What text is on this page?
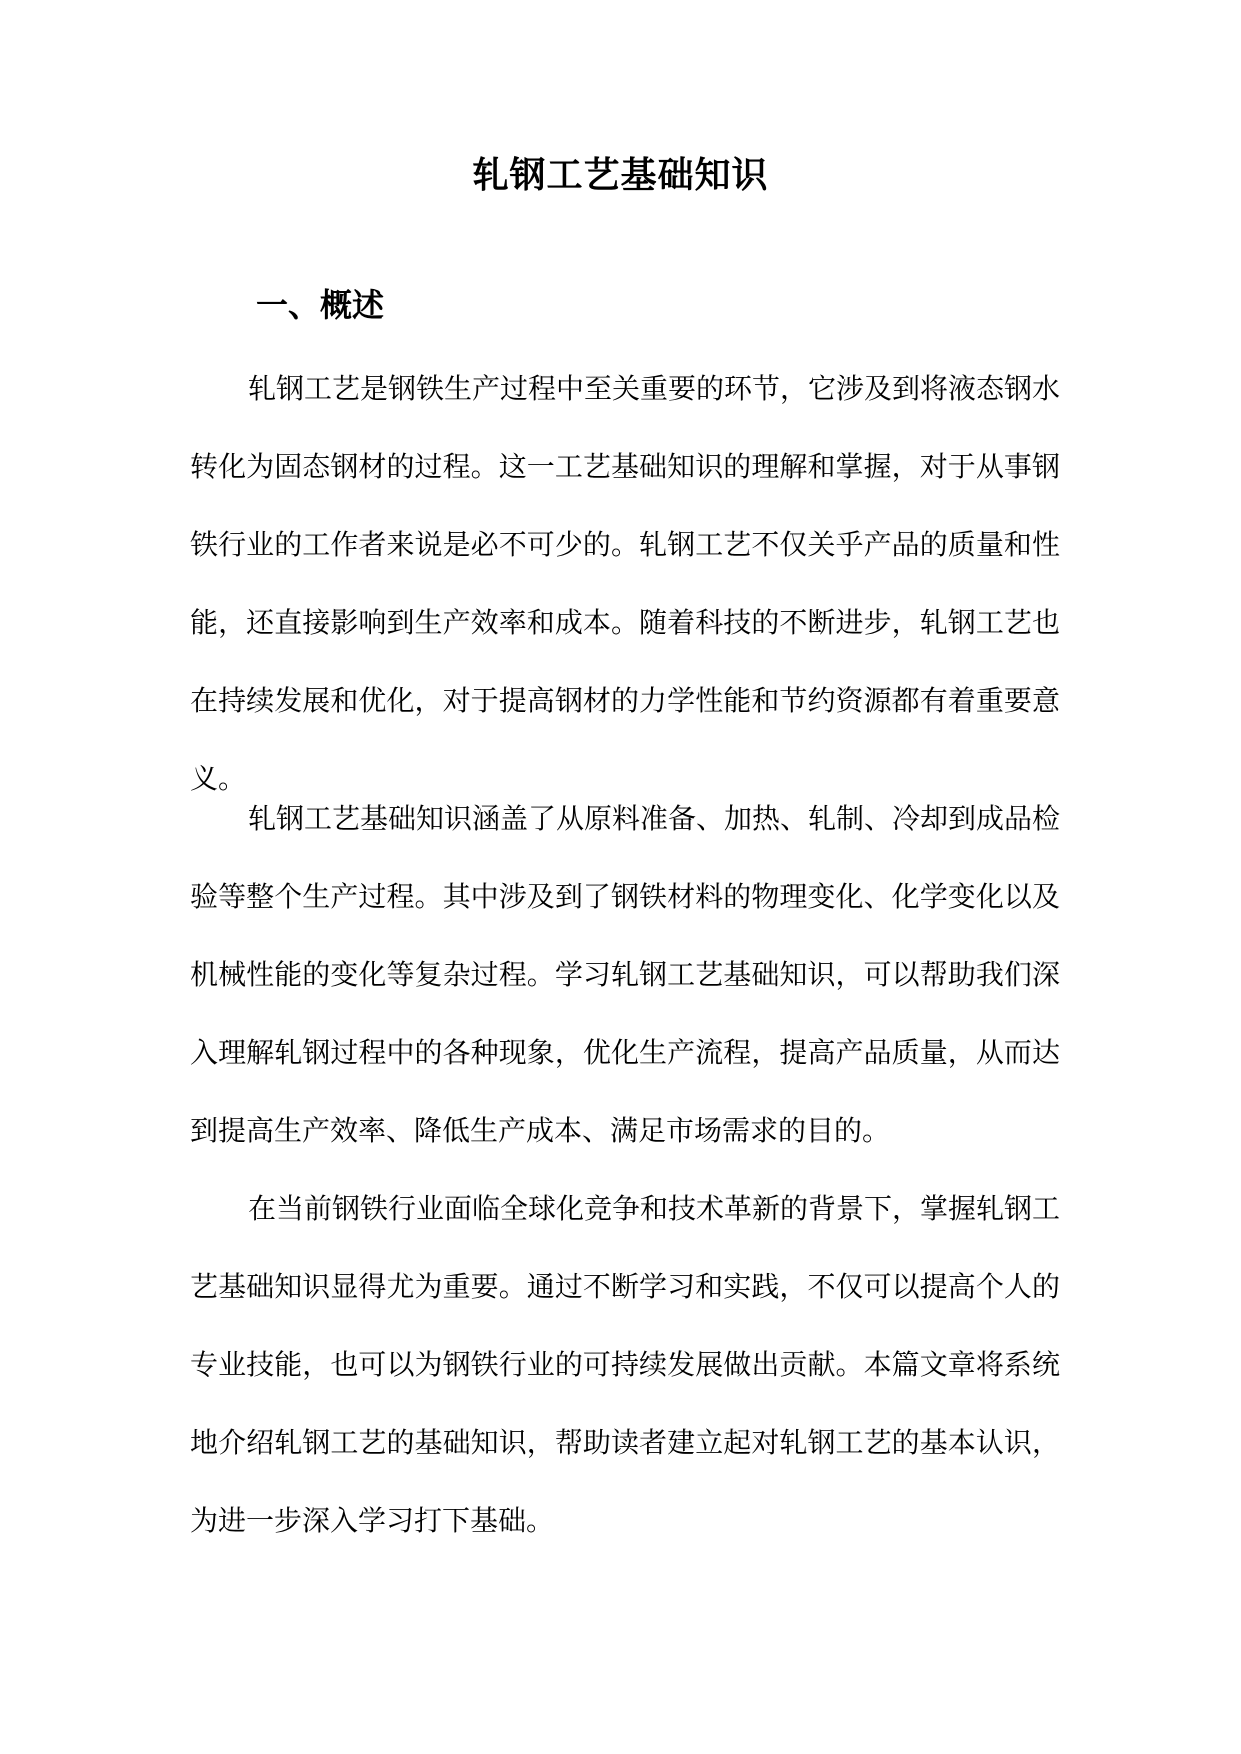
轧钢工艺基础知识
一、概述

轧钢工艺是钢铁生产过程中至关重要的环节，它涉及到将液态钢水转化为固态钢材的过程。这一工艺基础知识的理解和掌握，对于从事钢铁行业的工作者来说是必不可少的。轧钢工艺不仅关乎产品的质量和性能，还直接影响到生产效率和成本。随着科技的不断进步，轧钢工艺也在持续发展和优化，对于提高钢材的力学性能和节约资源都有着重要意义。

轧钢工艺基础知识涵盖了从原料准备、加热、轧制、冷却到成品检验等整个生产过程。其中涉及到了钢铁材料的物理变化、化学变化以及机械性能的变化等复杂过程。学习轧钢工艺基础知识，可以帮助我们深入理解轧钢过程中的各种现象，优化生产流程，提高产品质量，从而达到提高生产效率、降低生产成本、满足市场需求的目的。

在当前钢铁行业面临全球化竞争和技术革新的背景下，掌握轧钢工艺基础知识显得尤为重要。通过不断学习和实践，不仅可以提高个人的专业技能，也可以为钢铁行业的可持续发展做出贡献。本篇文章将系统地介绍轧钢工艺的基础知识，帮助读者建立起对轧钢工艺的基本认识，为进一步深入学习打下基础。
